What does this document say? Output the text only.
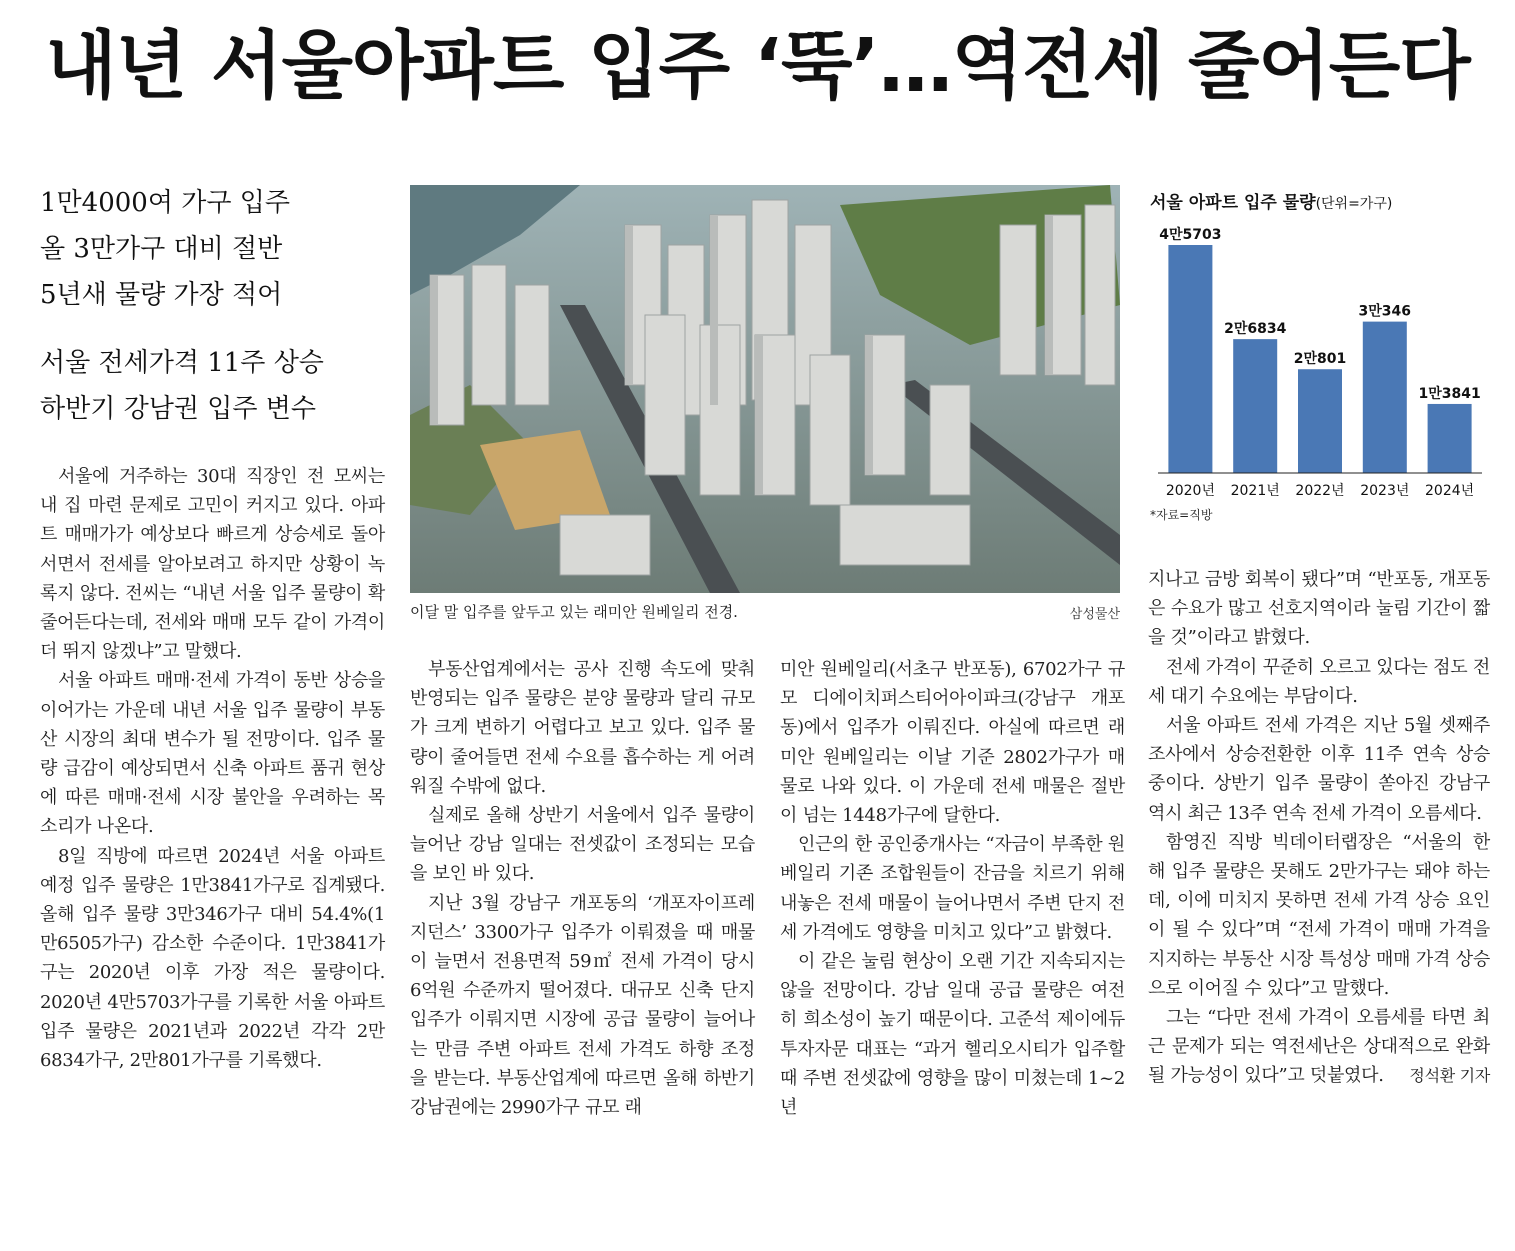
내년 서울아파트 입주 ‘뚝’…역전세 줄어든다
1만4000여 가구 입주
올 3만가구 대비 절반
5년새 물량 가장 적어
서울 전세가격 11주 상승
하반기 강남권 입주 변수
이달 말 입주를 앞두고 있는 래미안 원베일리 전경.	삼성물산
서울 아파트 입주 물량(단위=가구)
4만5703
2020년
2만6834
2021년
2만801
2022년
3만346
2023년
1만3841
2024년
*자료=직방

서울에 거주하는 30대 직장인 전 모씨는 내 집 마련 문제로 고민이 커지고 있다. 아파트 매매가가 예상보다 빠르게 상승세로 돌아서면서 전세를 알아보려고 하지만 상황이 녹록지 않다. 전씨는 “내년 서울 입주 물량이 확 줄어든다는데, 전세와 매매 모두 같이 가격이 더 뛰지 않겠냐”고 말했다.

서울 아파트 매매·전세 가격이 동반 상승을 이어가는 가운데 내년 서울 입주 물량이 부동산 시장의 최대 변수가 될 전망이다. 입주 물량 급감이 예상되면서 신축 아파트 품귀 현상에 따른 매매·전세 시장 불안을 우려하는 목소리가 나온다.

8일 직방에 따르면 2024년 서울 아파트 예정 입주 물량은 1만3841가구로 집계됐다. 올해 입주 물량 3만346가구 대비 54.4%(1만6505가구) 감소한 수준이다. 1만3841가구는 2020년 이후 가장 적은 물량이다. 2020년 4만5703가구를 기록한 서울 아파트 입주 물량은 2021년과 2022년 각각 2만6834가구, 2만801가구를 기록했다.

부동산업계에서는 공사 진행 속도에 맞춰 반영되는 입주 물량은 분양 물량과 달리 규모가 크게 변하기 어렵다고 보고 있다. 입주 물량이 줄어들면 전세 수요를 흡수하는 게 어려워질 수밖에 없다.

실제로 올해 상반기 서울에서 입주 물량이 늘어난 강남 일대는 전셋값이 조정되는 모습을 보인 바 있다.

지난 3월 강남구 개포동의 ‘개포자이프레지던스’ 3300가구 입주가 이뤄졌을 때 매물이 늘면서 전용면적 59㎡ 전세 가격이 당시 6억원 수준까지 떨어졌다. 대규모 신축 단지 입주가 이뤄지면 시장에 공급 물량이 늘어나는 만큼 주변 아파트 전세 가격도 하향 조정을 받는다. 부동산업계에 따르면 올해 하반기 강남권에는 2990가구 규모 래

미안 원베일리(서초구 반포동), 6702가구 규모 디에이치퍼스티어아이파크(강남구 개포동)에서 입주가 이뤄진다. 아실에 따르면 래미안 원베일리는 이날 기준 2802가구가 매물로 나와 있다. 이 가운데 전세 매물은 절반이 넘는 1448가구에 달한다.

인근의 한 공인중개사는 “자금이 부족한 원베일리 기존 조합원들이 잔금을 치르기 위해 내놓은 전세 매물이 늘어나면서 주변 단지 전세 가격에도 영향을 미치고 있다”고 밝혔다.

이 같은 눌림 현상이 오랜 기간 지속되지는 않을 전망이다. 강남 일대 공급 물량은 여전히 희소성이 높기 때문이다. 고준석 제이에듀투자자문 대표는 “과거 헬리오시티가 입주할 때 주변 전셋값에 영향을 많이 미쳤는데 1~2년

지나고 금방 회복이 됐다”며 “반포동, 개포동은 수요가 많고 선호지역이라 눌림 기간이 짧을 것”이라고 밝혔다.

전세 가격이 꾸준히 오르고 있다는 점도 전세 대기 수요에는 부담이다.

서울 아파트 전세 가격은 지난 5월 셋째주 조사에서 상승전환한 이후 11주 연속 상승 중이다. 상반기 입주 물량이 쏟아진 강남구 역시 최근 13주 연속 전세 가격이 오름세다.

함영진 직방 빅데이터랩장은 “서울의 한 해 입주 물량은 못해도 2만가구는 돼야 하는데, 이에 미치지 못하면 전세 가격 상승 요인이 될 수 있다”며 “전세 가격이 매매 가격을 지지하는 부동산 시장 특성상 매매 가격 상승으로 이어질 수 있다”고 말했다.

그는 “다만 전세 가격이 오름세를 타면 최근 문제가 되는 역전세난은 상대적으로 완화될 가능성이 있다”고 덧붙였다.	정석환 기자
